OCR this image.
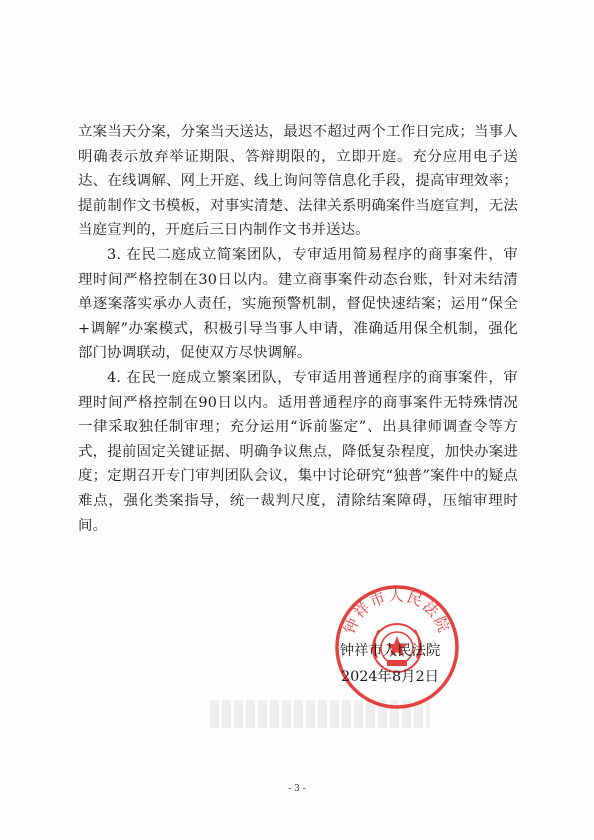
立案当天分案，分案当天送达，最迟不超过两个工作日完成；当事人明确表示放弃举证期限、答辩期限的，立即开庭。充分应用电子送达、在线调解、网上开庭、线上询问等信息化手段，提高审理效率；提前制作文书模板，对事实清楚、法律关系明确案件当庭宣判，无法当庭宣判的，开庭后三日内制作文书并送达。

3. 在民二庭成立简案团队，专审适用简易程序的商事案件，审理时间严格控制在30日以内。建立商事案件动态台账，针对未结清单逐案落实承办人责任，实施预警机制，督促快速结案；运用“保全+调解”办案模式，积极引导当事人申请，准确适用保全机制，强化部门协调联动，促使双方尽快调解。

4. 在民一庭成立繁案团队，专审适用普通程序的商事案件，审理时间严格控制在90日以内。适用普通程序的商事案件无特殊情况一律采取独任制审理；充分运用“诉前鉴定”、出具律师调查令等方式，提前固定关键证据、明确争议焦点，降低复杂程度，加快办案进度；定期召开专门审判团队会议，集中讨论研究“独普”案件中的疑点难点，强化类案指导，统一裁判尺度，清除结案障碍，压缩审理时间。

钟祥市人民法院
钟祥市人民法院
2024年8月2日
- 3 -
